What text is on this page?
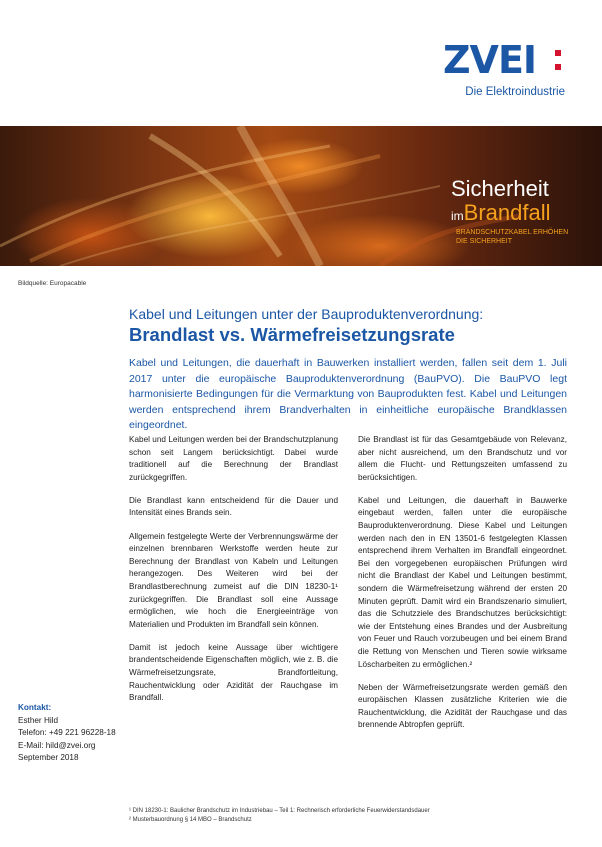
ZVEI
Die Elektroindustrie
Sicherheit
imBrandfall
BRANDSCHUTZKABEL ERHÖHEN
DIE SICHERHEIT
Bildquelle: Europacable
Kabel und Leitungen unter der Bauproduktenverordnung:
Brandlast vs. Wärmefreisetzungsrate
Kabel und Leitungen, die dauerhaft in Bauwerken installiert werden, fallen seit dem 1. Juli 2017 unter die europäische Bauproduktenverordnung (BauPVO). Die BauPVO legt harmonisierte Bedingungen für die Vermarktung von Bauprodukten fest. Kabel und Leitungen werden entsprechend ihrem Brandverhalten in einheitliche europäische Brandklassen eingeordnet.

Kabel und Leitungen werden bei der Brandschutzplanung schon seit Langem berücksichtigt. Dabei wurde traditionell auf die Berechnung der Brandlast zurückgegriffen.

Die Brandlast kann entscheidend für die Dauer und Intensität eines Brands sein.

Allgemein festgelegte Werte der Verbrennungswärme der einzelnen brennbaren Werkstoffe werden heute zur Berechnung der Brandlast von Kabeln und Leitungen herangezogen. Des Weiteren wird bei der Brandlastberechnung zumeist auf die DIN 18230-1¹ zurückgegriffen. Die Brandlast soll eine Aussage ermöglichen, wie hoch die Energieeinträge von Materialien und Produkten im Brandfall sein können.

Damit ist jedoch keine Aussage über wichtigere brandentscheidende Eigenschaften möglich, wie z. B. die Wärmefreisetzungsrate, Brandfortleitung, Rauchentwicklung oder Azidität der Rauchgase im Brandfall.

Die Brandlast ist für das Gesamtgebäude von Relevanz, aber nicht ausreichend, um den Brandschutz und vor allem die Flucht- und Rettungszeiten umfassend zu berücksichtigen.

Kabel und Leitungen, die dauerhaft in Bauwerke eingebaut werden, fallen unter die europäische Bauproduktenverordnung. Diese Kabel und Leitungen werden nach den in EN 13501-6 festgelegten Klassen entsprechend ihrem Verhalten im Brandfall eingeordnet. Bei den vorgegebenen europäischen Prüfungen wird nicht die Brandlast der Kabel und Leitungen bestimmt, sondern die Wärmefreisetzung während der ersten 20 Minuten geprüft. Damit wird ein Brandszenario simuliert, das die Schutzziele des Brandschutzes berücksichtigt: wie der Entstehung eines Brandes und der Ausbreitung von Feuer und Rauch vorzubeugen und bei einem Brand die Rettung von Menschen und Tieren sowie wirksame Löscharbeiten zu ermöglichen.²

Neben der Wärmefreisetzungsrate werden gemäß den europäischen Klassen zusätzliche Kriterien wie die Rauchentwicklung, die Azidität der Rauchgase und das brennende Abtropfen geprüft.

Kontakt:
Esther Hild
Telefon: +49 221 96228-18
E-Mail: hild@zvei.org
September 2018
¹ DIN 18230-1: Baulicher Brandschutz im Industriebau – Teil 1: Rechnerisch erforderliche Feuerwiderstandsdauer
² Musterbauordnung § 14 MBO – Brandschutz
